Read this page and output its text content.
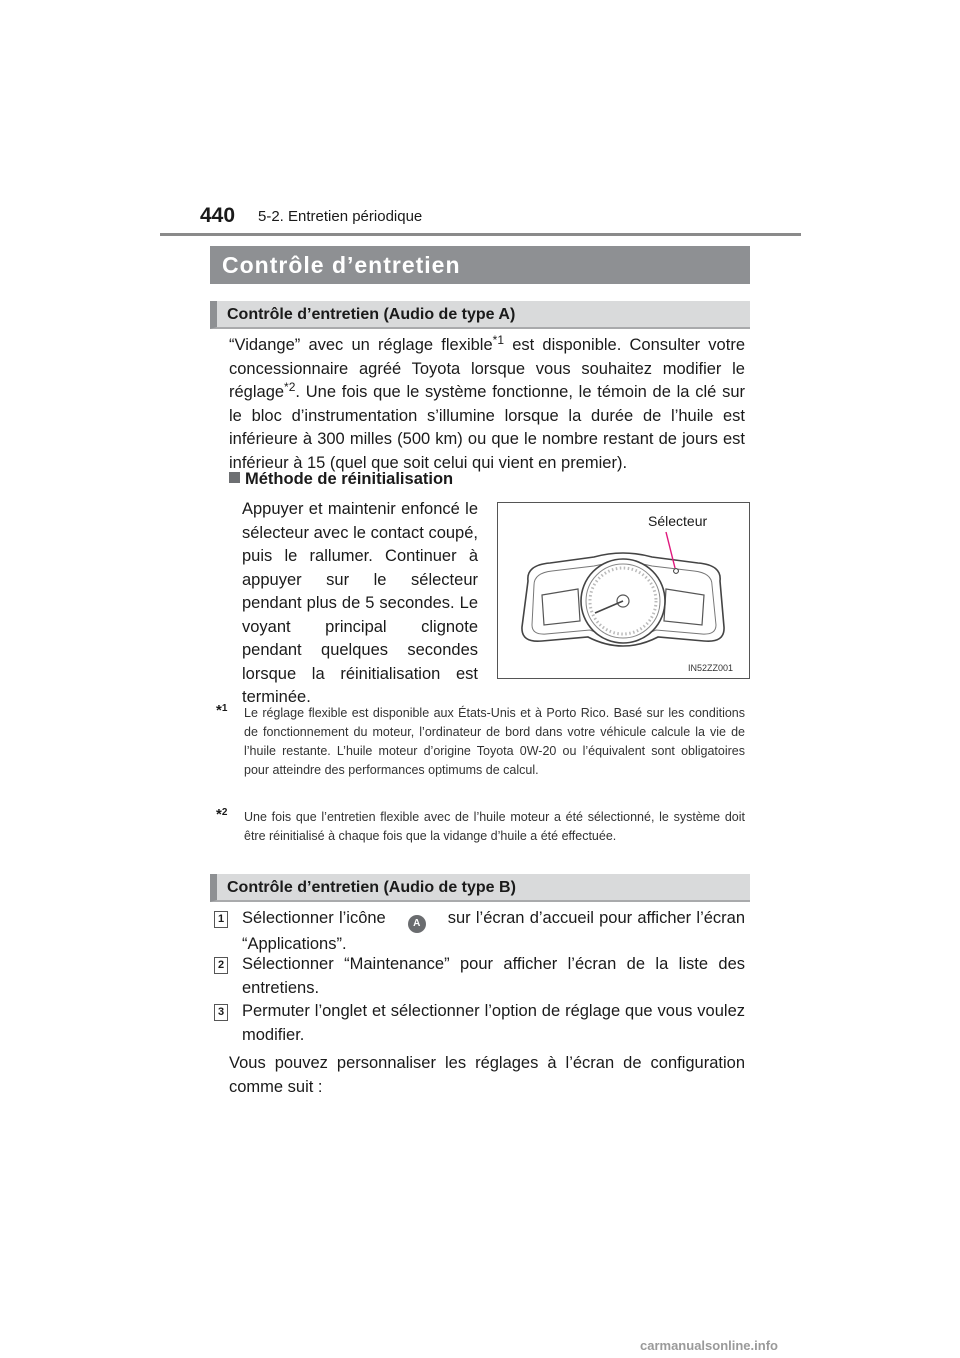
440 5-2. Entretien périodique
Contrôle d’entretien
Contrôle d’entretien (Audio de type A)
“Vidange” avec un réglage flexible$^{*1}$ est disponible. Consulter votre concessionnaire agréé Toyota lorsque vous souhaitez modifier le réglage$^{*2}$. Une fois que le système fonctionne, le témoin de la clé sur le bloc d’instrumentation s’illumine lorsque la durée de l’huile est inférieure à 300 milles (500 km) ou que le nombre restant de jours est inférieur à 15 (quel que soit celui qui vient en premier).
Méthode de réinitialisation
Appuyer et maintenir enfoncé le sélecteur avec le contact coupé, puis le rallumer. Continuer à appuyer sur le sélecteur pendant plus de 5 secondes. Le voyant principal clignote pendant quelques secondes lorsque la réinitialisation est terminée.
Sélecteur
IN52ZZ001
*$^1$ Le réglage flexible est disponible aux États-Unis et à Porto Rico. Basé sur les conditions de fonctionnement du moteur, l’ordinateur de bord dans votre véhicule calcule la vie de l’huile restante. L’huile moteur d’origine Toyota 0W-20 ou l’équivalent sont obligatoires pour atteindre des performances optimums de calcul.
*$^2$ Une fois que l’entretien flexible avec de l’huile moteur a été sélectionné, le système doit être réinitialisé à chaque fois que la vidange d’huile a été effectuée.
Contrôle d’entretien (Audio de type B)
1 Sélectionner l’icône	A sur l’écran d’accueil pour afficher l’écran “Applications”.
2 Sélectionner “Maintenance” pour afficher l’écran de la liste des entretiens.
3 Permuter l’onglet et sélectionner l’option de réglage que vous voulez modifier.
Vous pouvez personnaliser les réglages à l’écran de configuration comme suit :
carmanualsonline.info
